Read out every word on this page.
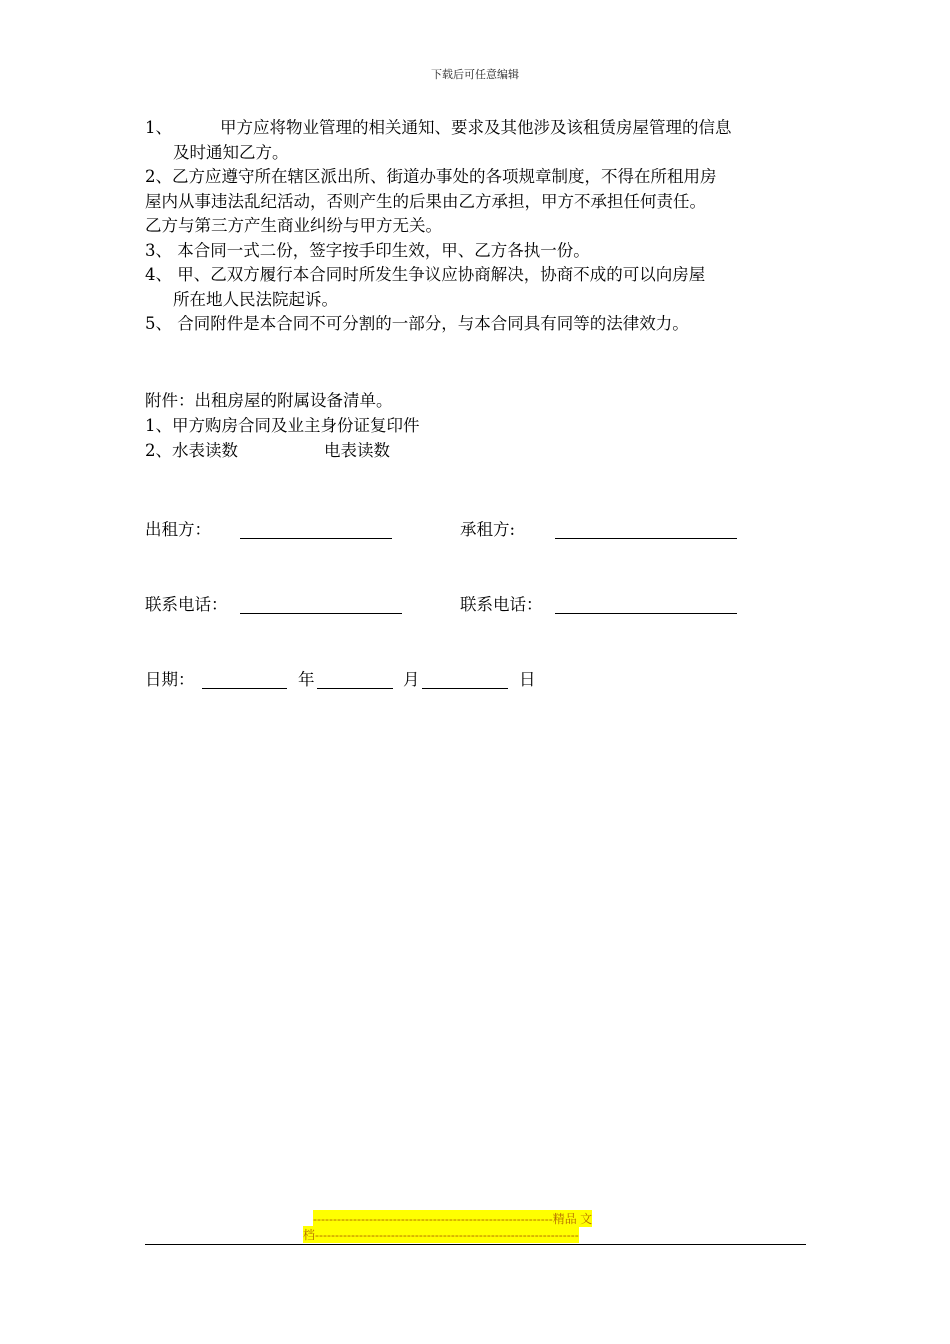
下载后可任意编辑

1、	甲方应将物业管理的相关通知、要求及其他涉及该租赁房屋管理的信息

及时通知乙方。

2、乙方应遵守所在辖区派出所、街道办事处的各项规章制度，不得在所租用房

屋内从事违法乱纪活动，否则产生的后果由乙方承担，甲方不承担任何责任。

乙方与第三方产生商业纠纷与甲方无关。

3、 本合同一式二份，签字按手印生效，甲、乙方各执一份。

4、 甲、乙双方履行本合同时所发生争议应协商解决，协商不成的可以向房屋

所在地人民法院起诉。

5、 合同附件是本合同不可分割的一部分，与本合同具有同等的法律效力。

附件：出租房屋的附属设备清单。

1、甲方购房合同及业主身份证复印件

2、水表读数	电表读数

出租方：	承租方:
联系电话：	联系电话：
日期：	年	月	日
------------------------------------------------------------精品 文
档------------------------------------------------------------------
